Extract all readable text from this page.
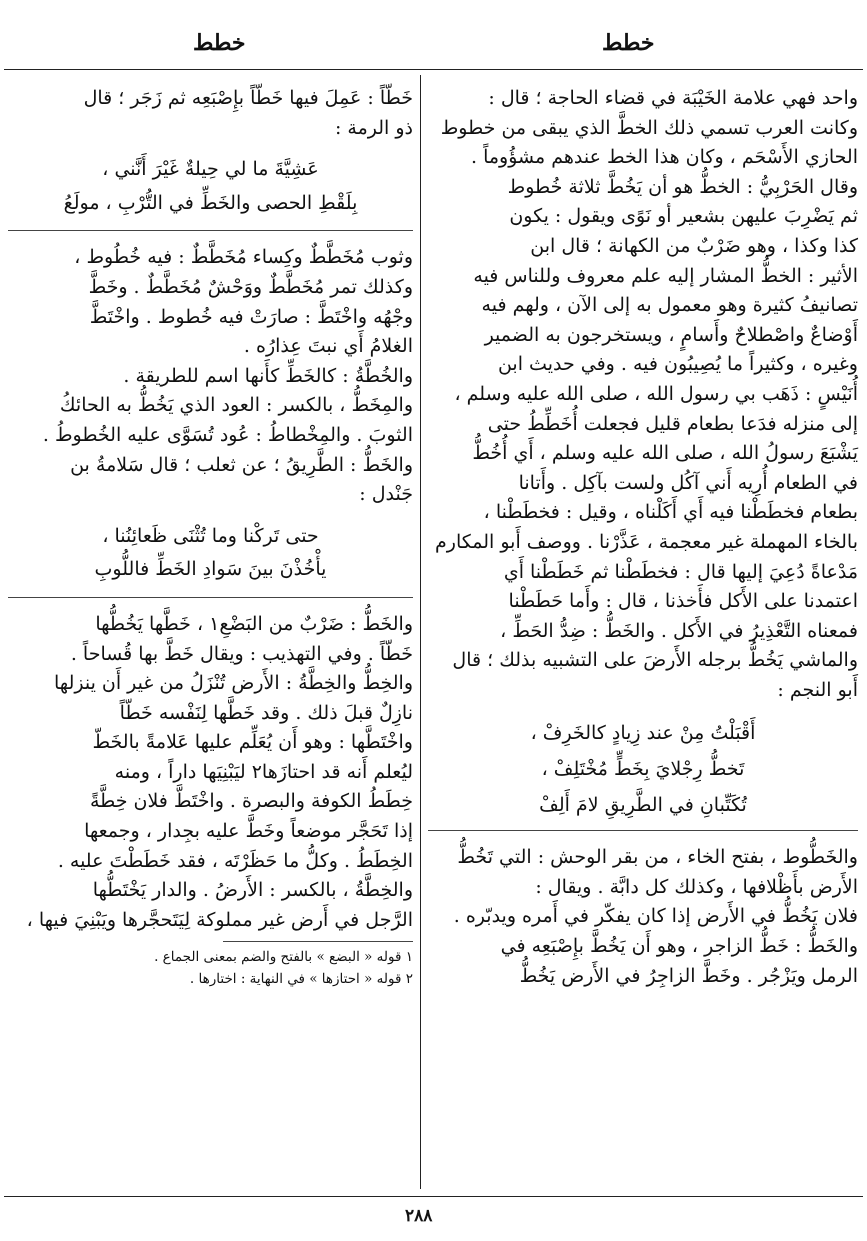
خطط
خطط

واحد فهي علامة الخَيْبَة في قضاء الحاجة ؛ قال :

وكانت العرب تسمي ذلك الخطَّ الذي يبقى من خطوط

الحازي الأَسْحَم ، وكان هذا الخط عندهم مشؤُوماً .

وقال الحَرْبِيُّ : الخطُّ هو أن يَخُطَّ ثلاثة خُطوط

ثم يَضْرِبَ عليهن بشعير أو نَوًى ويقول : يكون

كذا وكذا ، وهو ضَرْبٌ من الكهانة ؛ قال ابن

الأثير : الخطُّ المشار إليه علم معروف وللناس فيه

تصانيفُ كثيرة وهو معمول به إلى الآن ، ولهم فيه

أَوْضاعٌ واصْطلاحٌ وأَسامٍ ، ويستخرجون به الضمير

وغيره ، وكثيراً ما يُصِيبُون فيه . وفي حديث ابن

أُنَيْسٍ : ذَهَب بي رسول الله ، صلى الله عليه وسلم ،

إلى منزله فدَعا بطعام قليل فجعلت أُخَطِّطُ حتى

يَشْبَعَ رسولُ الله ، صلى الله عليه وسلم ، أَي أُخُطُّ

في الطعام أُرِيه أَني آكُل ولست بآكِل . وأَتانا

بطعام فخطَطْنا فيه أَي أَكَلْناه ، وقيل : فخطَطْنا ،

بالخاء المهملة غير معجمة ، عَذَّرْنا . ووصف أَبو المكارم

مَدْعاةً دُعِيَ إليها قال : فخطَطْنا ثم خَطَطْنا أَي

اعتمدنا على الأَكل فأَخذنا ، قال : وأَما حَطَطْنا

فمعناه التَّعْذِيرُ في الأَكل . والخَطُّ : ضِدُّ الحَطِّ ،

والماشي يَخُطُّ برجله الأَرضَ على التشبيه بذلك ؛ قال

أَبو النجم :

أَقْبَلْتُ مِنْ عند زِيادٍ كالخَرِفْ ،

تَخطُّ رِجْلايَ بِخَطٍّ مُخْتَلِفْ ،

تُكَتِّبانِ في الطَّرِيقِ لامَ أَلِفْ

والخَطُّوط ، بفتح الخاء ، من بقر الوحش : التي تَخُطُّ

الأَرض بأَظْلافها ، وكذلك كل دابَّة . ويقال :

فلان يَخُطُّ في الأَرض إذا كان يفكّر في أَمره ويدبّره .

والخَطُّ : خَطُّ الزاجر ، وهو أَن يَخُطَّ بإِصْبَعِه في

الرمل ويَزْجُر . وخَطَّ الزاجِرُ في الأَرض يَخُطُّ

خَطّاً : عَمِلَ فيها خَطّاً بإِصْبَعِه ثم زَجَر ؛ قال

ذو الرمة :

عَشِيَّةَ ما لي حِيلةٌ غَيْرَ أَنَّني ،

بِلَقْطِ الحصى والخَطِّ في التُّرْبِ ، مولَعُ

وثوب مُخَطَّطٌ وكِساء مُخَطَّطٌ : فيه خُطُوط ،

وكذلك تمر مُخَطَّطٌ ووَحْشٌ مُخَطَّطٌ . وخَطَّ

وجْهُه واخْتَطَّ : صارَتْ فيه خُطوط . واخْتَطَّ

الغلامُ أَي نبتَ عِذارُه .

والخُطَّةُ : كالخَطِّ كأَنها اسم للطريقة .

والمِخَطُّ ، بالكسر : العود الذي يَخُطُّ به الحائكُ

الثوبَ . والمِخْطاطُ : عُود تُسَوَّى عليه الخُطوطُ .

والخَطُّ : الطَّرِيقُ ؛ عن ثعلب ؛ قال سَلامةُ بن

جَنْدل :

حتى تَركْنا وما تُثْنَى ظَعائِنُنا ،

يأْخُذْنَ بينَ سَوادِ الخَطِّ فاللُّوبِ

والخَطُّ : ضَرْبٌ من البَضْعِ١ ، خَطَّها يَخُطُّها

خَطّاً . وفي التهذيب : ويقال خَطَّ بها قُساحاً .

والخِطُّ والخِطَّةُ : الأَرض تُنْزَلُ من غير أَن ينزلها

نازِلٌ قبلَ ذلك . وقد خَطَّها لِنَفْسه خَطّاً

واخْتَطَّها : وهو أَن يُعَلِّم عليها عَلامةً بالخَطّ

ليُعلم أَنه قد احتازَها٢ ليَبْنِيَها داراً ، ومنه

خِطَطُ الكوفة والبصرة . واخْتَطَّ فلان خِطَّةً

إذا تَحَجَّر موضعاً وخَطَّ عليه بجِدار ، وجمعها

الخِطَطُ . وكلُّ ما حَظَرْتَه ، فقد خَطَطْتَ عليه .

والخِطَّةُ ، بالكسر : الأَرضُ . والدار يَخْتَطُّها

الرَّجل في أَرض غير مملوكة لِيَتَحجَّرها ويَبْنِيَ فيها ،

١ قوله « البضع » بالفتح والضم بمعنى الجماع .

٢ قوله « احتازها » في النهاية : اختارها .

٢٨٨
